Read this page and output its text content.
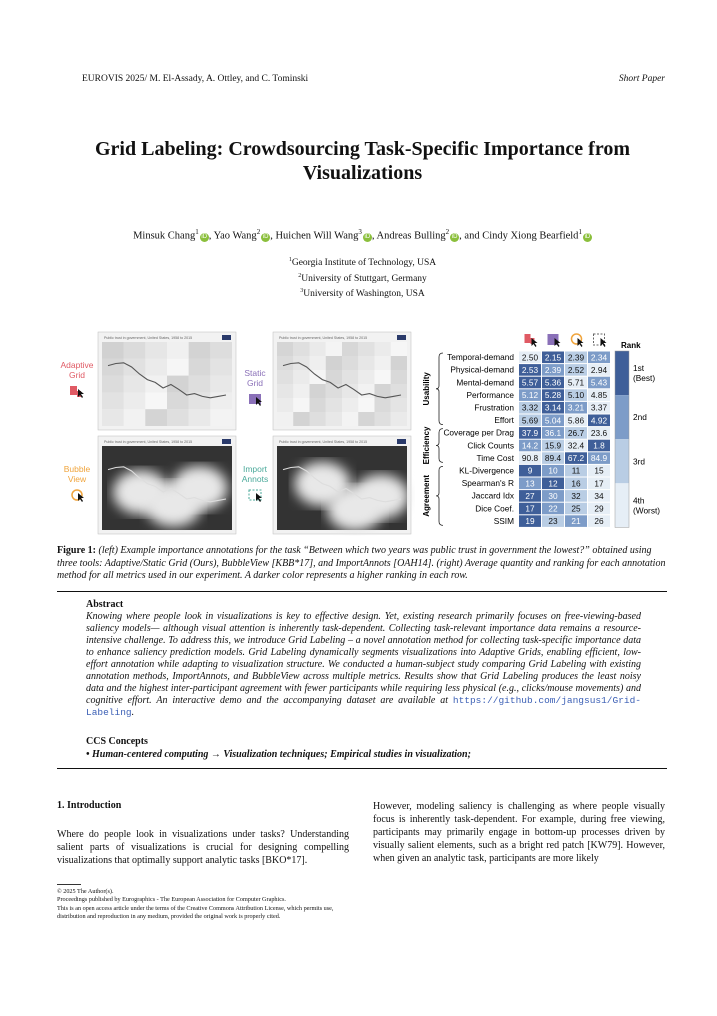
EUROVIS 2025/ M. El-Assady, A. Ottley, and C. Tominski	Short Paper
Grid Labeling: Crowdsourcing Task-Specific Importance from Visualizations
Minsuk Chang$^1$iD , Yao Wang$^2$iD , Huichen Will Wang$^3$iD , Andreas Bulling$^2$iD , and Cindy Xiong Bearfield$^1$iD
$^1$Georgia Institute of Technology, USA
$^2$University of Stuttgart, Germany
$^3$University of Washington, USA
Public trust in government, United States, 1958 to 2015
Adaptive
Grid
Public trust in government, United States, 1958 to 2015
Static
Grid
Public trust in government, United States, 1958 to 2015
Bubble
View
Public trust in government, United States, 1958 to 2015
Import
Annots
Rank
Temporal-demand 2.50 2.15 2.39 2.34
Physical-demand 2.53 2.39 2.52 2.94
Mental-demand 5.57 5.36 5.71 5.43
Performance 5.12 5.28 5.10 4.85
Frustration 3.32 3.14 3.21 3.37
Effort 5.69 5.04 5.86 4.92
Coverage per Drag 37.9 36.1 26.7 23.6
Click Counts 14.2 15.9 32.4 1.8
Time Cost 90.8 89.4 67.2 84.9
KL-Divergence 9 10 11 15
Spearman's R 13 12 16 17
Jaccard Idx 27 30 32 34
Dice Coef. 17 22 25 29
SSIM 19 23 21 26
Usability
Efficiency
Agreement
1st
(Best)
2nd
3rd
4th
(Worst)
Figure 1: (left) Example importance annotations for the task “Between which two years was public trust in government the lowest?” obtained using three tools: Adaptive/Static Grid (Ours), BubbleView [KBB*17], and ImportAnnots [OAH14]. (right) Average quantity and ranking for each annotation method for all metrics used in our experiment. A darker color represents a higher ranking in each row.
Abstract
Knowing where people look in visualizations is key to effective design. Yet, existing research primarily focuses on free-viewing-based saliency models— although visual attention is inherently task-dependent. Collecting task-relevant importance data remains a resource-intensive challenge. To address this, we introduce Grid Labeling – a novel annotation method for collecting task-specific importance data to enhance saliency prediction models. Grid Labeling dynamically segments visualizations into Adaptive Grids, enabling efficient, low-effort annotation while adapting to visualization structure. We conducted a human-subject study comparing Grid Labeling with existing annotation methods, ImportAnnots, and BubbleView across multiple metrics. Results show that Grid Labeling produces the least noisy data and the highest inter-participant agreement with fewer participants while requiring less physical (e.g., clicks/mouse movements) and cognitive effort. An interactive demo and the accompanying dataset are available at https://github.com/jangsus1/Grid-Labeling.
CCS Concepts
• Human-centered computing → Visualization techniques; Empirical studies in visualization;
1. Introduction
Where do people look in visualizations under tasks? Understanding salient parts of visualizations is crucial for designing compelling visualizations that optimally support analytic tasks [BKO*17].
However, modeling saliency is challenging as where people visually focus is inherently task-dependent. For example, during free viewing, participants may primarily engage in bottom-up processes driven by visually salient elements, such as a bright red patch [KW79]. However, when given an analytic task, participants are more likely
© 2025 The Author(s).
Proceedings published by Eurographics - The European Association for Computer Graphics.
This is an open access article under the terms of the Creative Commons Attribution License, which permits use, distribution and reproduction in any medium, provided the original work is properly cited.
